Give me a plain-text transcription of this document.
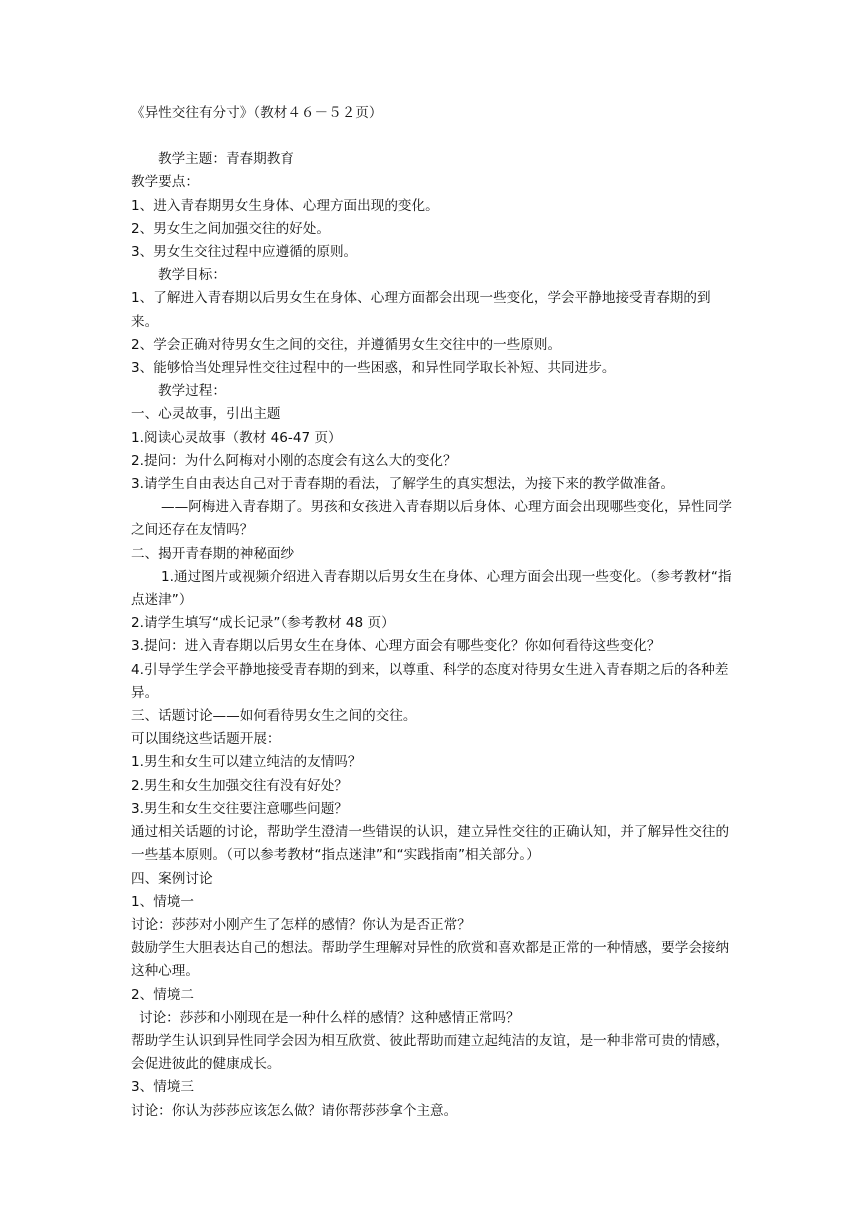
《异性交往有分寸》（教材４６－５２页）

教学主题：青春期教育

教学要点：

1、进入青春期男女生身体、心理方面出现的变化。

2、男女生之间加强交往的好处。

3、男女生交往过程中应遵循的原则。

教学目标：

1、了解进入青春期以后男女生在身体、心理方面都会出现一些变化，学会平静地接受青春期的到来。

2、学会正确对待男女生之间的交往，并遵循男女生交往中的一些原则。

3、能够恰当处理异性交往过程中的一些困惑，和异性同学取长补短、共同进步。

教学过程：

一、心灵故事，引出主题

1.阅读心灵故事（教材 46-47 页）

2.提问：为什么阿梅对小刚的态度会有这么大的变化？

3.请学生自由表达自己对于青春期的看法，了解学生的真实想法，为接下来的教学做准备。

——阿梅进入青春期了。男孩和女孩进入青春期以后身体、心理方面会出现哪些变化，异性同学之间还存在友情吗？

二、揭开青春期的神秘面纱

1.通过图片或视频介绍进入青春期以后男女生在身体、心理方面会出现一些变化。（参考教材“指点迷津”）

2.请学生填写“成长记录”（参考教材 48 页）

3.提问：进入青春期以后男女生在身体、心理方面会有哪些变化？你如何看待这些变化？

4.引导学生学会平静地接受青春期的到来，以尊重、科学的态度对待男女生进入青春期之后的各种差异。

三、话题讨论——如何看待男女生之间的交往。

可以围绕这些话题开展：

1.男生和女生可以建立纯洁的友情吗？

2.男生和女生加强交往有没有好处？

3.男生和女生交往要注意哪些问题？

通过相关话题的讨论，帮助学生澄清一些错误的认识，建立异性交往的正确认知，并了解异性交往的一些基本原则。（可以参考教材“指点迷津”和“实践指南”相关部分。）

四、案例讨论

1、情境一

讨论：莎莎对小刚产生了怎样的感情？你认为是否正常？

鼓励学生大胆表达自己的想法。帮助学生理解对异性的欣赏和喜欢都是正常的一种情感，要学会接纳这种心理。

2、情境二

讨论：莎莎和小刚现在是一种什么样的感情？这种感情正常吗？

帮助学生认识到异性同学会因为相互欣赏、彼此帮助而建立起纯洁的友谊，是一种非常可贵的情感，会促进彼此的健康成长。

3、情境三

讨论：你认为莎莎应该怎么做？请你帮莎莎拿个主意。
